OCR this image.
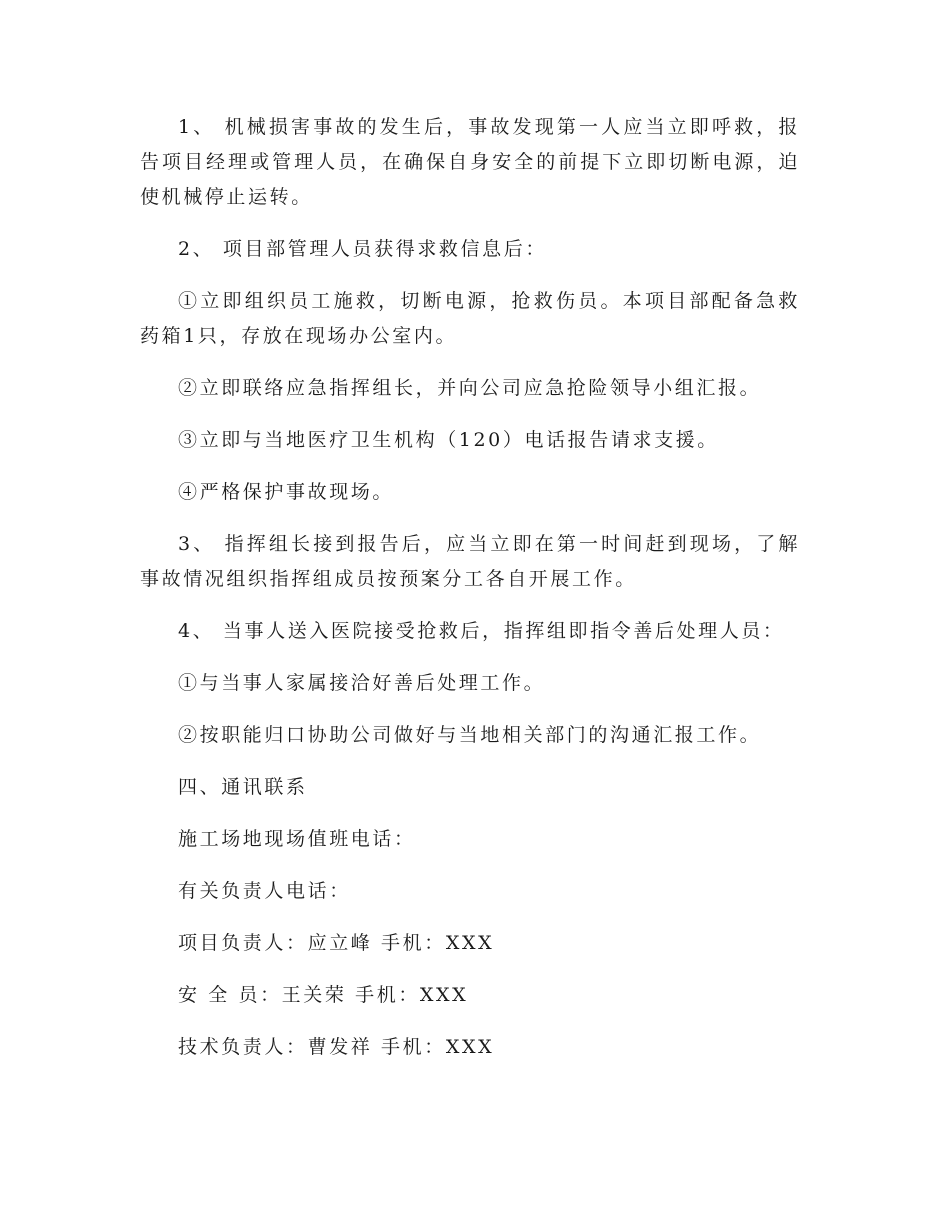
1、 机械损害事故的发生后，事故发现第一人应当立即呼救，报告项目经理或管理人员，在确保自身安全的前提下立即切断电源，迫使机械停止运转。

2、 项目部管理人员获得求救信息后：

①立即组织员工施救，切断电源，抢救伤员。本项目部配备急救药箱1只，存放在现场办公室内。

②立即联络应急指挥组长，并向公司应急抢险领导小组汇报。

③立即与当地医疗卫生机构（120）电话报告请求支援。

④严格保护事故现场。

3、 指挥组长接到报告后，应当立即在第一时间赶到现场，了解事故情况组织指挥组成员按预案分工各自开展工作。

4、 当事人送入医院接受抢救后，指挥组即指令善后处理人员：

①与当事人家属接洽好善后处理工作。

②按职能归口协助公司做好与当地相关部门的沟通汇报工作。

四、通讯联系

施工场地现场值班电话：

有关负责人电话：

项目负责人：应立峰 手机：XXX

安 全 员：王关荣 手机：XXX

技术负责人：曹发祥 手机：XXX
